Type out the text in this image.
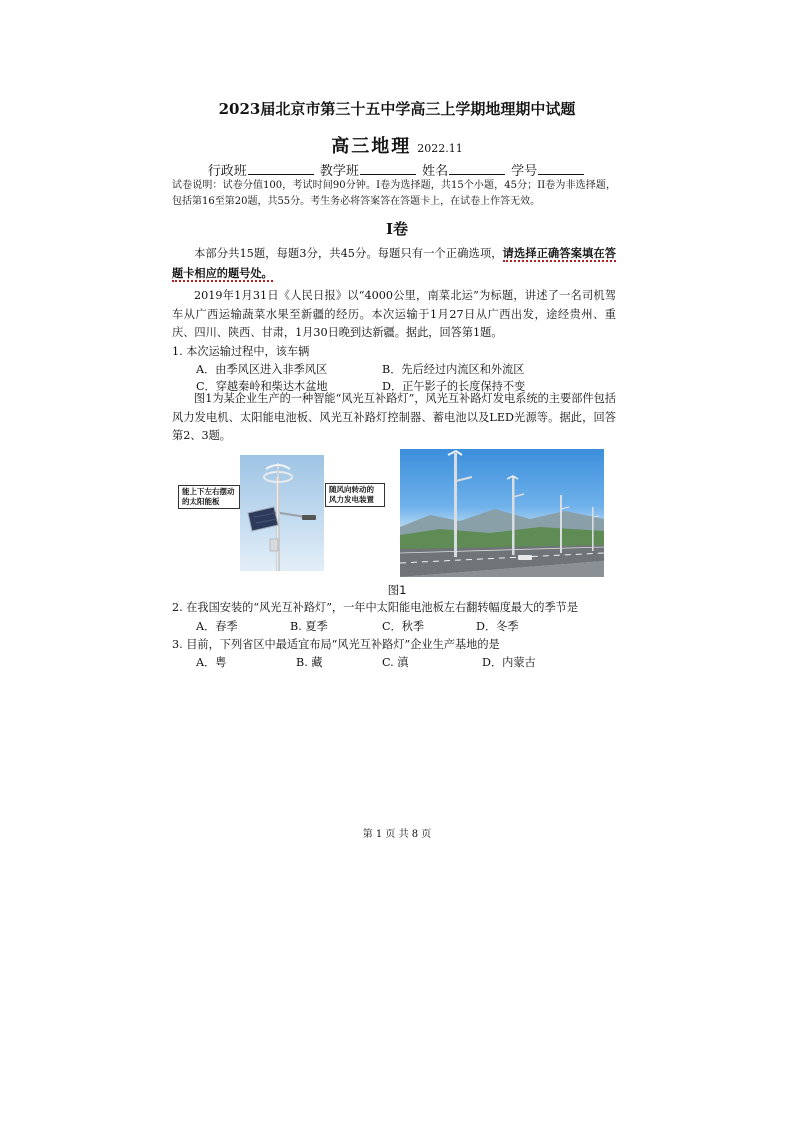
2023届北京市第三十五中学高三上学期地理期中试题
高三地理 2022.11
行政班	教学班	姓名	学号
试卷说明：试卷分值100，考试时间90分钟。I卷为选择题，共15个小题，45分；II卷为非选择题，包括第16至第20题，共55分。考生务必将答案答在答题卡上，在试卷上作答无效。
I卷
本部分共15题，每题3分，共45分。每题只有一个正确选项，请选择正确答案填在答题卡相应的题号处。
2019年1月31日《人民日报》以“4000公里，南菜北运”为标题，讲述了一名司机驾车从广西运输蔬菜水果至新疆的经历。本次运输于1月27日从广西出发，途经贵州、重庆、四川、陕西、甘肃，1月30日晚到达新疆。据此，回答第1题。
1. 本次运输过程中，该车辆
A．由季风区进入非季风区	B．先后经过内流区和外流区
C．穿越秦岭和柴达木盆地	D．正午影子的长度保持不变
图1为某企业生产的一种智能“风光互补路灯”，风光互补路灯发电系统的主要部件包括风力发电机、太阳能电池板、风光互补路灯控制器、蓄电池以及LED光源等。据此，回答第2、3题。
能上下左右摆动的太阳能板
随风向转动的风力发电装置
图1
2. 在我国安装的“风光互补路灯”，一年中太阳能电池板左右翻转幅度最大的季节是
A．春季	B. 夏季	C．秋季	D．冬季
3. 目前，下列省区中最适宜布局“风光互补路灯”企业生产基地的是
A．粤	B. 藏	C. 滇	D．内蒙古
第 1 页 共 8 页
